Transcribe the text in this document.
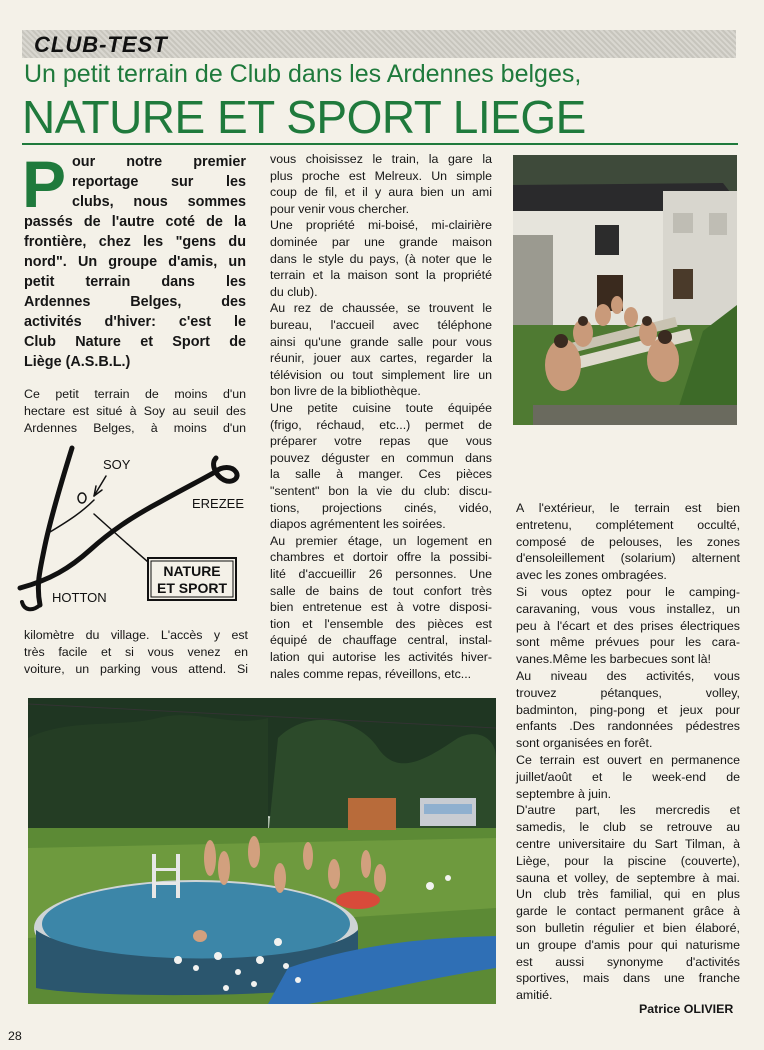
CLUB-TEST
Un petit terrain de Club dans les Ardennes belges,
NATURE ET SPORT LIEGE
P our notre premier
reportage sur les
clubs, nous sommes
passés de l'autre coté de la
frontière, chez les "gens du
nord". Un groupe d'amis, un
petit terrain dans les
Ardennes Belges, des
activités d'hiver: c'est le
Club Nature et Sport de
Liège (A.S.B.L.)
Ce petit terrain de moins d'un
hectare est situé à Soy au seuil des
Ardennes Belges, à moins d'un
SOY
EREZEE
HOTTON
NATURE
ET SPORT
kilomètre du village. L'accès y est
très facile et si vous venez en
voiture, un parking vous attend. Si
vous choisissez le train, la gare la
plus proche est Melreux. Un simple
coup de fil, et il y aura bien un ami
pour venir vous chercher.
Une propriété mi-boisé, mi-clairière
dominée par une grande maison
dans le style du pays, (à noter que le
terrain et la maison sont la propriété
du club).
Au rez de chaussée, se trouvent le
bureau, l'accueil avec téléphone
ainsi qu'une grande salle pour vous
réunir, jouer aux cartes, regarder la
télévision ou tout simplement lire un
bon livre de la bibliothèque.
Une petite cuisine toute équipée
(frigo, réchaud, etc...) permet de
préparer votre repas que vous
pouvez déguster en commun dans
la salle à manger. Ces pièces
"sentent" bon la vie du club: discu-
tions, projections cinés, vidéo,
diapos agrémentent les soirées.
Au premier étage, un logement en
chambres et dortoir offre la possibi-
lité d'accueillir 26 personnes. Une
salle de bains de tout confort très
bien entretenue est à votre disposi-
tion et l'ensemble des pièces est
équipé de chauffage central, instal-
lation qui autorise les activités hiver-
nales comme repas, réveillons, etc...
A l'extérieur, le terrain est bien
entretenu, complétement occulté,
composé de pelouses, les zones
d'ensoleillement (solarium) alternent
avec les zones ombragées.
Si vous optez pour le camping-
caravaning, vous vous installez, un
peu à l'écart et des prises électriques
sont même prévues pour les cara-
vanes.Même les barbecues sont là!
Au niveau des activités, vous
trouvez pétanques, volley,
badminton, ping-pong et jeux pour
enfants .Des randonnées pédestres
sont organisées en forêt.
Ce terrain est ouvert en permanence
juillet/août et le week-end de
septembre à juin.
D'autre part, les mercredis et
samedis, le club se retrouve au
centre universitaire du Sart Tilman, à
Liège, pour la piscine (couverte),
sauna et volley, de septembre à mai.
Un club très familial, qui en plus
garde le contact permanent grâce à
son bulletin régulier et bien élaboré,
un groupe d'amis pour qui naturisme
est aussi synonyme d'activités
sportives, mais dans une franche
amitié.
Patrice OLIVIER
28
